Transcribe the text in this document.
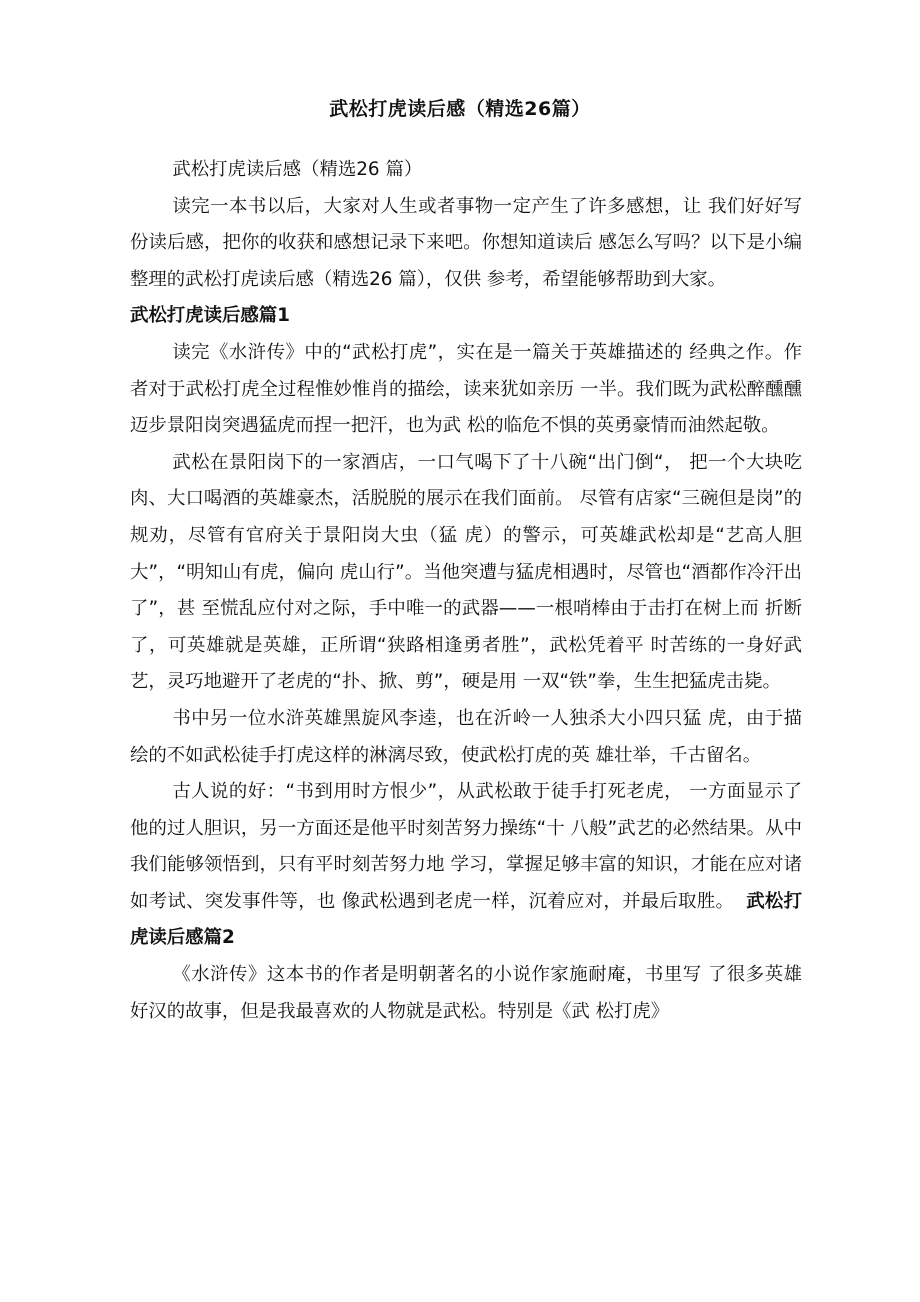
武松打虎读后感（精选26篇）

武松打虎读后感（精选26 篇）

读完一本书以后，大家对人生或者事物一定产生了许多感想，让 我们好好写份读后感，把你的收获和感想记录下来吧。你想知道读后 感怎么写吗？以下是小编整理的武松打虎读后感（精选26 篇），仅供 参考，希望能够帮助到大家。

武松打虎读后感篇1

读完《水浒传》中的“武松打虎”，实在是一篇关于英雄描述的 经典之作。作者对于武松打虎全过程惟妙惟肖的描绘，读来犹如亲历 一半。我们既为武松醉醺醺迈步景阳岗突遇猛虎而捏一把汗，也为武 松的临危不惧的英勇豪情而油然起敬。

武松在景阳岗下的一家酒店，一口气喝下了十八碗“出门倒“， 把一个大块吃肉、大口喝酒的英雄豪杰，活脱脱的展示在我们面前。 尽管有店家“三碗但是岗”的规劝，尽管有官府关于景阳岗大虫（猛 虎）的警示，可英雄武松却是“艺高人胆大”，“明知山有虎，偏向 虎山行”。当他突遭与猛虎相遇时，尽管也“酒都作冷汗出了”，甚 至慌乱应付对之际，手中唯一的武器——一根哨棒由于击打在树上而 折断了，可英雄就是英雄，正所谓“狭路相逢勇者胜”，武松凭着平 时苦练的一身好武艺，灵巧地避开了老虎的“扑、掀、剪”，硬是用 一双“铁”拳，生生把猛虎击毙。

书中另一位水浒英雄黑旋风李逵，也在沂岭一人独杀大小四只猛 虎，由于描绘的不如武松徒手打虎这样的淋漓尽致，使武松打虎的英 雄壮举，千古留名。

古人说的好：“书到用时方恨少”，从武松敢于徒手打死老虎， 一方面显示了他的过人胆识，另一方面还是他平时刻苦努力操练“十 八般”武艺的必然结果。从中我们能够领悟到，只有平时刻苦努力地 学习，掌握足够丰富的知识，才能在应对诸如考试、突发事件等，也 像武松遇到老虎一样，沉着应对，并最后取胜。 武松打虎读后感篇2

《水浒传》这本书的作者是明朝著名的小说作家施耐庵，书里写 了很多英雄好汉的故事，但是我最喜欢的人物就是武松。特别是《武 松打虎》
